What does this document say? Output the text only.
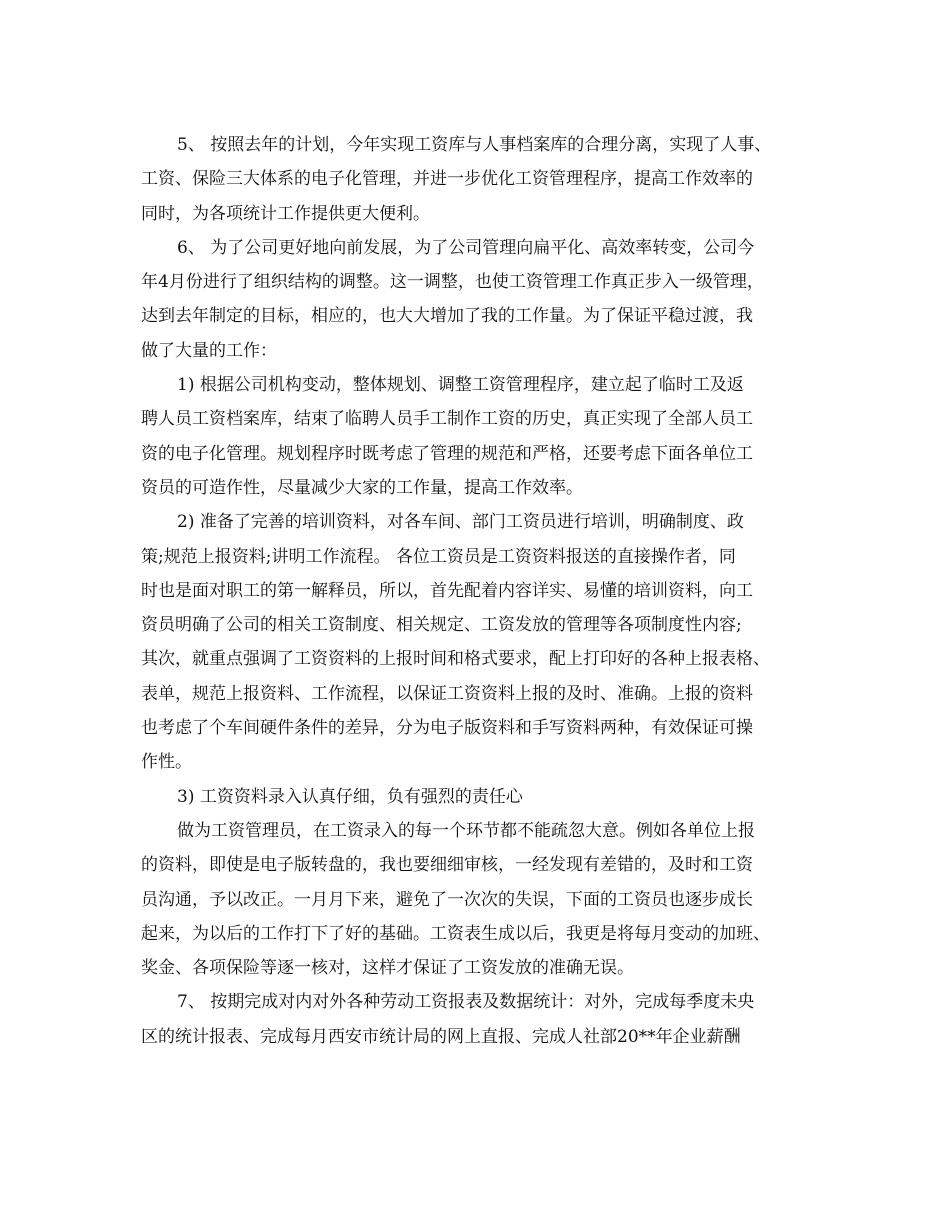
5、 按照去年的计划，今年实现工资库与人事档案库的合理分离，实现了人事、
工资、保险三大体系的电子化管理，并进一步优化工资管理程序，提高工作效率的
同时，为各项统计工作提供更大便利。
6、 为了公司更好地向前发展，为了公司管理向扁平化、高效率转变，公司今
年4月份进行了组织结构的调整。这一调整，也使工资管理工作真正步入一级管理，
达到去年制定的目标，相应的，也大大增加了我的工作量。为了保证平稳过渡，我
做了大量的工作：
1) 根据公司机构变动，整体规划、调整工资管理程序，建立起了临时工及返
聘人员工资档案库，结束了临聘人员手工制作工资的历史，真正实现了全部人员工
资的电子化管理。规划程序时既考虑了管理的规范和严格，还要考虑下面各单位工
资员的可造作性，尽量减少大家的工作量，提高工作效率。
2) 准备了完善的培训资料，对各车间、部门工资员进行培训，明确制度、政
策;规范上报资料;讲明工作流程。 各位工资员是工资资料报送的直接操作者，同
时也是面对职工的第一解释员，所以，首先配着内容详实、易懂的培训资料，向工
资员明确了公司的相关工资制度、相关规定、工资发放的管理等各项制度性内容;
其次，就重点强调了工资资料的上报时间和格式要求，配上打印好的各种上报表格、
表单，规范上报资料、工作流程，以保证工资资料上报的及时、准确。上报的资料
也考虑了个车间硬件条件的差异，分为电子版资料和手写资料两种，有效保证可操
作性。
3) 工资资料录入认真仔细，负有强烈的责任心
做为工资管理员，在工资录入的每一个环节都不能疏忽大意。例如各单位上报
的资料，即使是电子版转盘的，我也要细细审核，一经发现有差错的，及时和工资
员沟通，予以改正。一月月下来，避免了一次次的失误，下面的工资员也逐步成长
起来，为以后的工作打下了好的基础。工资表生成以后，我更是将每月变动的加班、
奖金、各项保险等逐一核对，这样才保证了工资发放的准确无误。
7、 按期完成对内对外各种劳动工资报表及数据统计：对外，完成每季度未央
区的统计报表、完成每月西安市统计局的网上直报、完成人社部20**年企业薪酬
